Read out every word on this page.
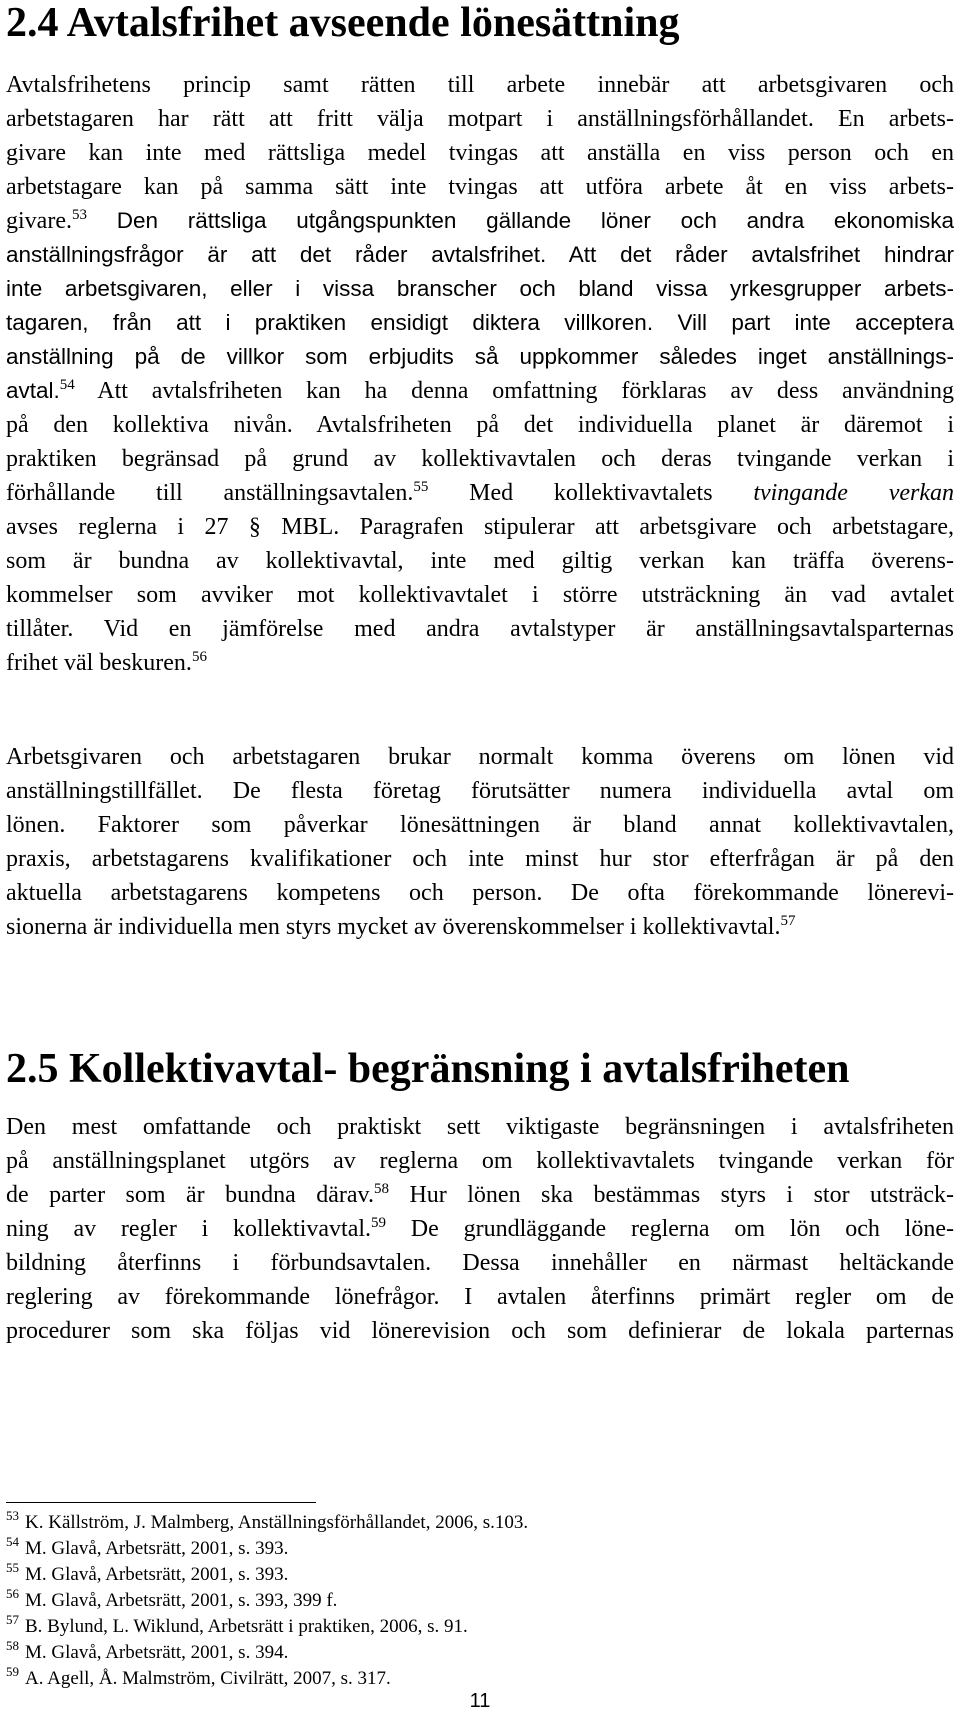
2.4 Avtalsfrihet avseende lönesättning
Avtalsfrihetens princip samt rätten till arbete innebär att arbetsgivaren och
arbetstagaren har rätt att fritt välja motpart i anställningsförhållandet. En arbets-
givare kan inte med rättsliga medel tvingas att anställa en viss person och en
arbetstagare kan på samma sätt inte tvingas att utföra arbete åt en viss arbets-
givare.$^{53}$ Den rättsliga utgångspunkten gällande löner och andra ekonomiska
anställningsfrågor är att det råder avtalsfrihet. Att det råder avtalsfrihet hindrar
inte arbetsgivaren, eller i vissa branscher och bland vissa yrkesgrupper arbets-
tagaren, från att i praktiken ensidigt diktera villkoren. Vill part inte acceptera
anställning på de villkor som erbjudits så uppkommer således inget anställnings-
avtal.$^{54}$ Att avtalsfriheten kan ha denna omfattning förklaras av dess användning
på den kollektiva nivån. Avtalsfriheten på det individuella planet är däremot i
praktiken begränsad på grund av kollektivavtalen och deras tvingande verkan i
förhållande till anställningsavtalen.$^{55}$ Med kollektivavtalets tvingande verkan
avses reglerna i 27 § MBL. Paragrafen stipulerar att arbetsgivare och arbetstagare,
som är bundna av kollektivavtal, inte med giltig verkan kan träffa överens-
kommelser som avviker mot kollektivavtalet i större utsträckning än vad avtalet
tillåter. Vid en jämförelse med andra avtalstyper är anställningsavtalsparternas
frihet väl beskuren.$^{56}$
Arbetsgivaren och arbetstagaren brukar normalt komma överens om lönen vid
anställningstillfället. De flesta företag förutsätter numera individuella avtal om
lönen. Faktorer som påverkar lönesättningen är bland annat kollektivavtalen,
praxis, arbetstagarens kvalifikationer och inte minst hur stor efterfrågan är på den
aktuella arbetstagarens kompetens och person. De ofta förekommande lönerevi-
sionerna är individuella men styrs mycket av överenskommelser i kollektivavtal.$^{57}$
2.5 Kollektivavtal- begränsning i avtalsfriheten
Den mest omfattande och praktiskt sett viktigaste begränsningen i avtalsfriheten
på anställningsplanet utgörs av reglerna om kollektivavtalets tvingande verkan för
de parter som är bundna därav.$^{58}$ Hur lönen ska bestämmas styrs i stor utsträck-
ning av regler i kollektivavtal.$^{59}$ De grundläggande reglerna om lön och löne-
bildning återfinns i förbundsavtalen. Dessa innehåller en närmast heltäckande
reglering av förekommande lönefrågor. I avtalen återfinns primärt regler om de
procedurer som ska följas vid lönerevision och som definierar de lokala parternas
$^{53}$ K. Källström, J. Malmberg, Anställningsförhållandet, 2006, s.103.
$^{54}$ M. Glavå, Arbetsrätt, 2001, s. 393.
$^{55}$ M. Glavå, Arbetsrätt, 2001, s. 393.
$^{56}$ M. Glavå, Arbetsrätt, 2001, s. 393, 399 f.
$^{57}$ B. Bylund, L. Wiklund, Arbetsrätt i praktiken, 2006, s. 91.
$^{58}$ M. Glavå, Arbetsrätt, 2001, s. 394.
$^{59}$ A. Agell, Å. Malmström, Civilrätt, 2007, s. 317.
11
